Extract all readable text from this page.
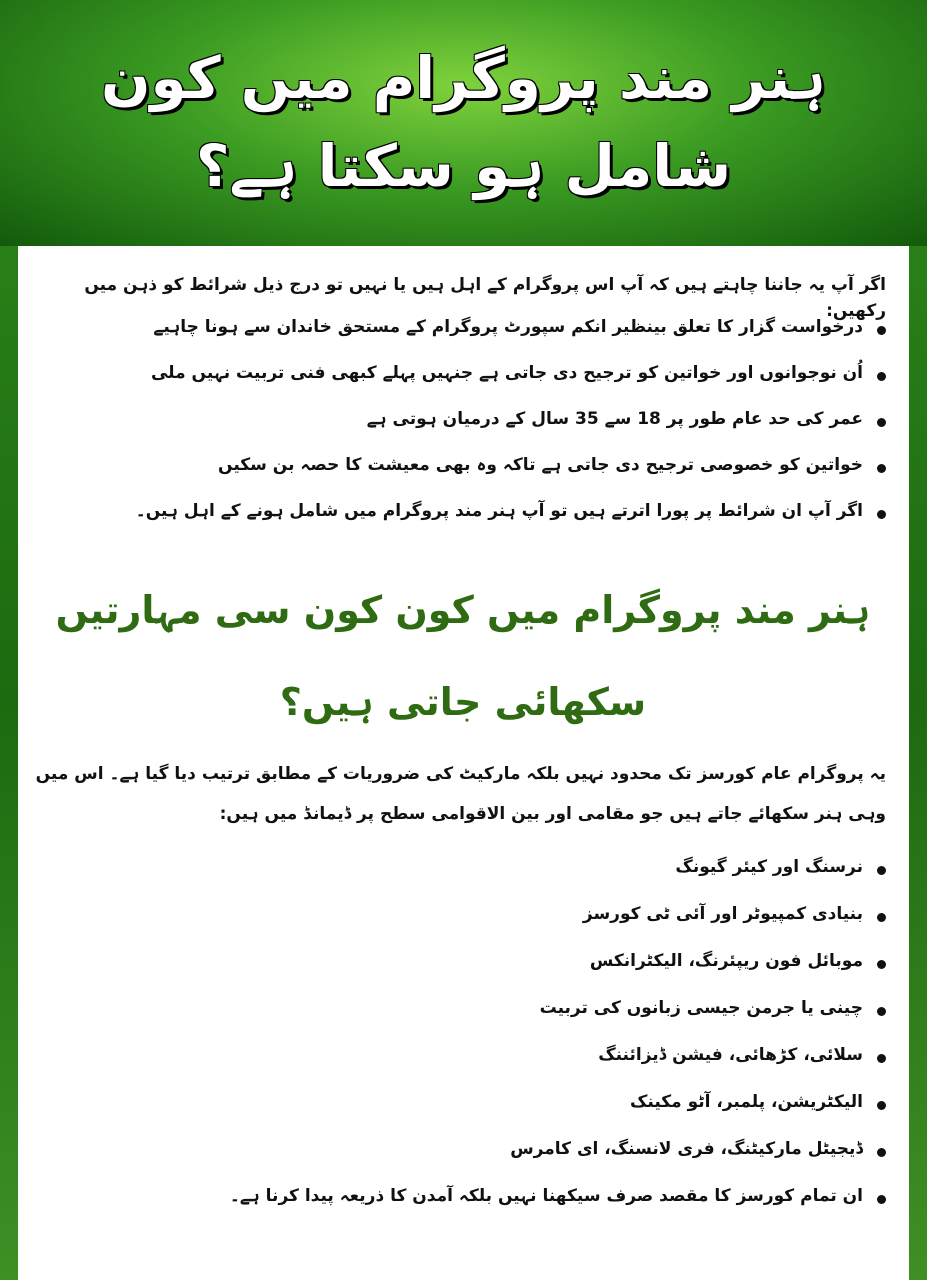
ہنر مند پروگرام میں کون شامل ہو سکتا ہے؟

اگر آپ یہ جاننا چاہتے ہیں کہ آپ اس پروگرام کے اہل ہیں یا نہیں تو درج ذیل شرائط کو ذہن میں رکھیں:

درخواست گزار کا تعلق بینظیر انکم سپورٹ پروگرام کے مستحق خاندان سے ہونا چاہیے
اُن نوجوانوں اور خواتین کو ترجیح دی جاتی ہے جنہیں پہلے کبھی فنی تربیت نہیں ملی
عمر کی حد عام طور پر 18 سے 35 سال کے درمیان ہوتی ہے
خواتین کو خصوصی ترجیح دی جاتی ہے تاکہ وہ بھی معیشت کا حصہ بن سکیں
اگر آپ ان شرائط پر پورا اترتے ہیں تو آپ ہنر مند پروگرام میں شامل ہونے کے اہل ہیں۔
ہنر مند پروگرام میں کون کون سی مہارتیں سکھائی جاتی ہیں؟

یہ پروگرام عام کورسز تک محدود نہیں بلکہ مارکیٹ کی ضروریات کے مطابق ترتیب دیا گیا ہے۔ اس میں وہی ہنر سکھائے جاتے ہیں جو مقامی اور بین الاقوامی سطح پر ڈیمانڈ میں ہیں:

نرسنگ اور کیئر گیونگ
بنیادی کمپیوٹر اور آئی ٹی کورسز
موبائل فون ریپئرنگ، الیکٹرانکس
چینی یا جرمن جیسی زبانوں کی تربیت
سلائی، کڑھائی، فیشن ڈیزائننگ
الیکٹریشن، پلمبر، آٹو مکینک
ڈیجیٹل مارکیٹنگ، فری لانسنگ، ای کامرس
ان تمام کورسز کا مقصد صرف سیکھنا نہیں بلکہ آمدن کا ذریعہ پیدا کرنا ہے۔
